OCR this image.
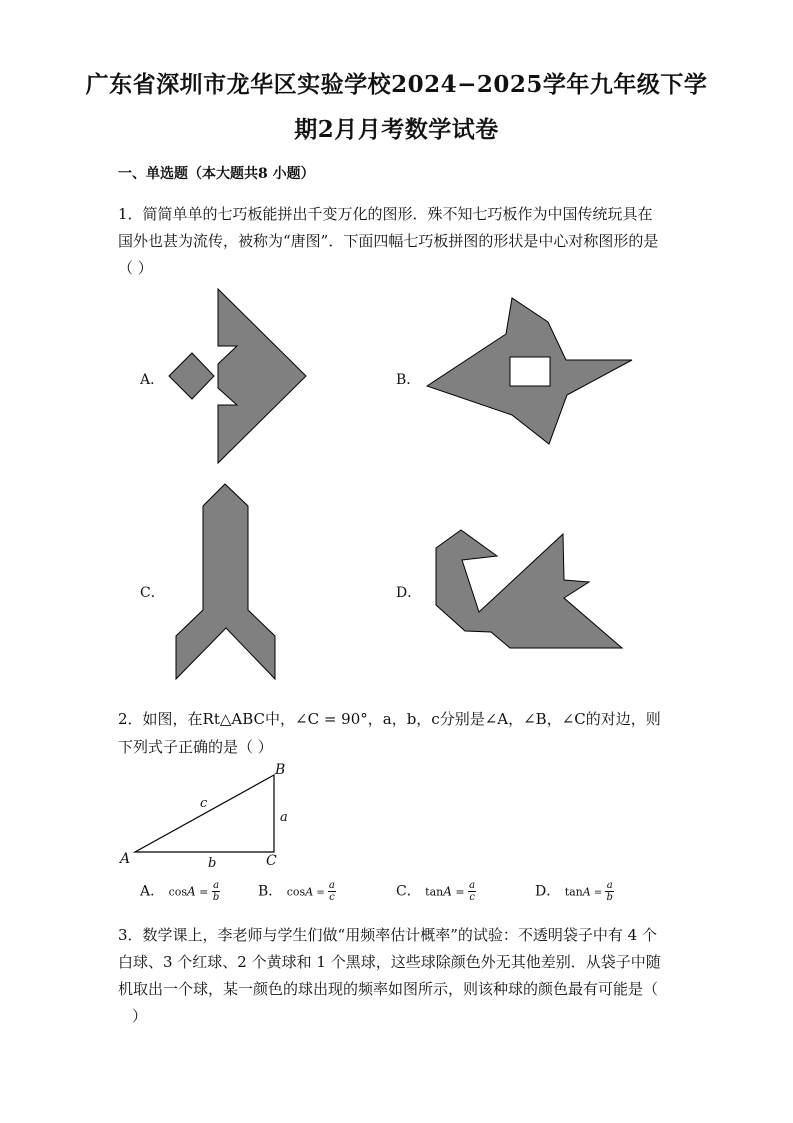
广东省深圳市龙华区实验学校2024−2025学年九年级下学
期2月月考数学试卷
一、单选题（本大题共8 小题）
1．简简单单的七巧板能拼出千变万化的图形．殊不知七巧板作为中国传统玩具在
国外也甚为流传，被称为“唐图”．下面四幅七巧板拼图的形状是中心对称图形的是
（ ）
A．	B．
C．	D．
A
B
C
a
b
c
2．如图，在Rt△ABC中，∠C = 90°，a，b，c分别是∠A，∠B，∠C的对边，则
下列式子正确的是（ ）
A． $\cos A = \frac{a}{b}$	B． $\cos A = \frac{a}{c}$	C． $\tan A = \frac{a}{c}$	D． $\tan A = \frac{a}{b}$
3．数学课上，李老师与学生们做“用频率估计概率”的试验：不透明袋子中有 4 个
白球、3 个红球、2 个黄球和 1 个黑球，这些球除颜色外无其他差别．从袋子中随
机取出一个球，某一颜色的球出现的频率如图所示，则该种球的颜色最有可能是（
）
